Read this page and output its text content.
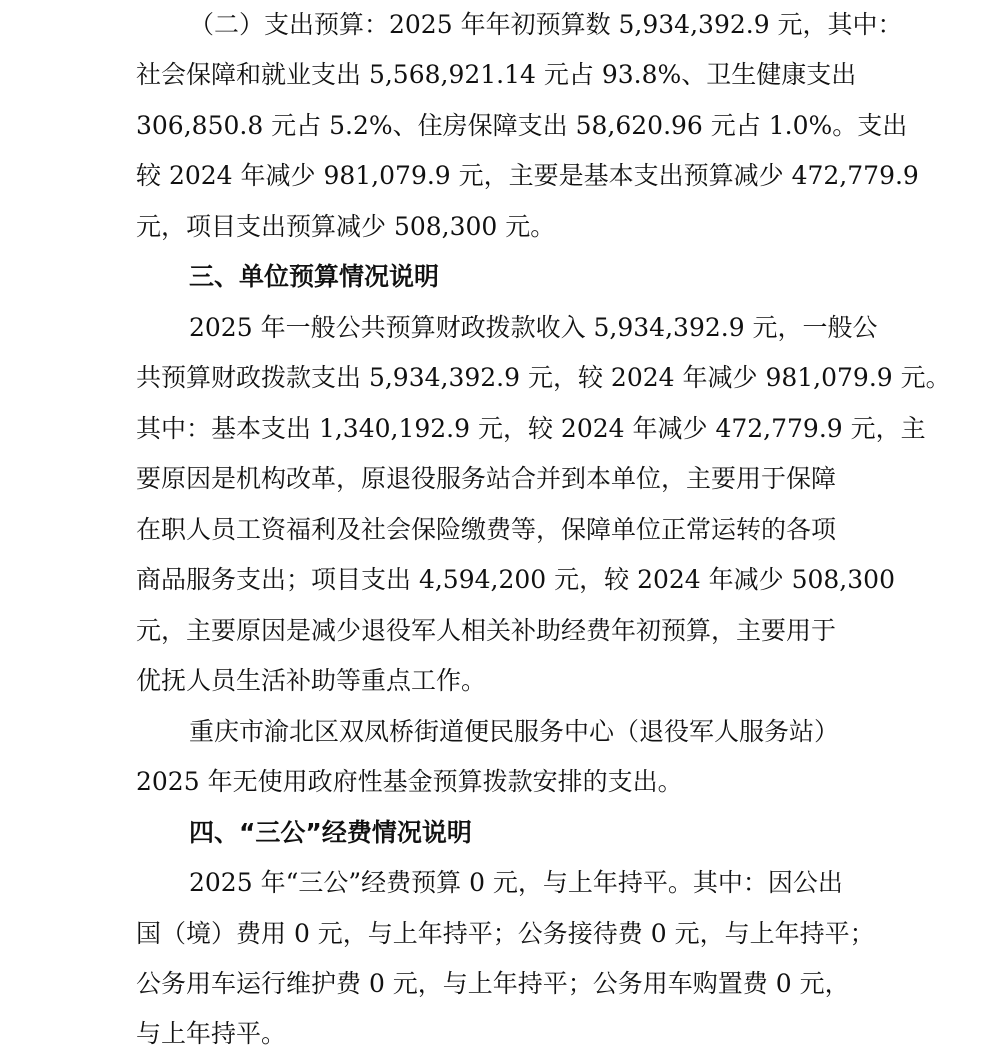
（二）支出预算：2025 年年初预算数 5,934,392.9 元，其中：
社会保障和就业支出 5,568,921.14 元占 93.8%、卫生健康支出
306,850.8 元占 5.2%、住房保障支出 58,620.96 元占 1.0%。支出
较 2024 年减少 981,079.9 元，主要是基本支出预算减少 472,779.9
元，项目支出预算减少 508,300 元。
三、单位预算情况说明
2025 年一般公共预算财政拨款收入 5,934,392.9 元，一般公
共预算财政拨款支出 5,934,392.9 元，较 2024 年减少 981,079.9 元。
其中：基本支出 1,340,192.9 元，较 2024 年减少 472,779.9 元，主
要原因是机构改革，原退役服务站合并到本单位，主要用于保障
在职人员工资福利及社会保险缴费等，保障单位正常运转的各项
商品服务支出；项目支出 4,594,200 元，较 2024 年减少 508,300
元，主要原因是减少退役军人相关补助经费年初预算，主要用于
优抚人员生活补助等重点工作。
重庆市渝北区双凤桥街道便民服务中心（退役军人服务站）
2025 年无使用政府性基金预算拨款安排的支出。
四、“三公”经费情况说明
2025 年“三公”经费预算 0 元，与上年持平。其中：因公出
国（境）费用 0 元，与上年持平；公务接待费 0 元，与上年持平；
公务用车运行维护费 0 元，与上年持平；公务用车购置费 0 元，
与上年持平。
